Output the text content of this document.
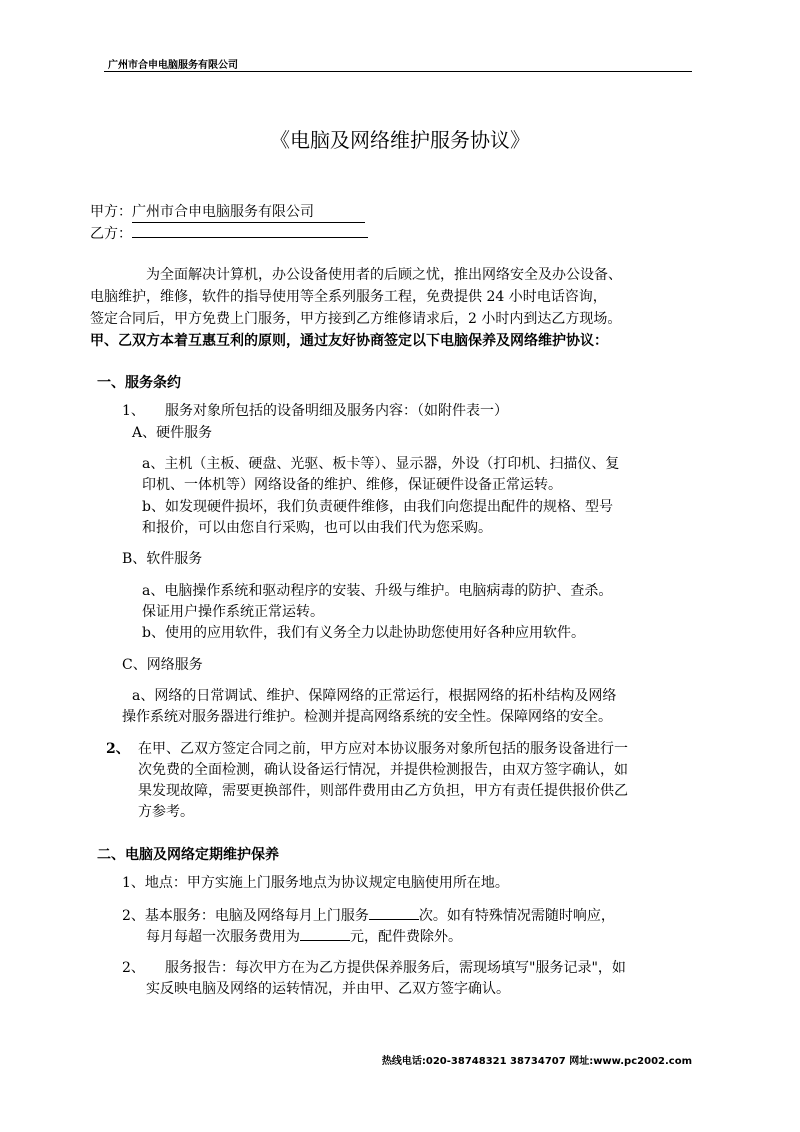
广州市合申电脑服务有限公司
《电脑及网络维护服务协议》
甲方：广州市合申电脑服务有限公司
乙方：
为全面解决计算机，办公设备使用者的后顾之忧，推出网络安全及办公设备、
电脑维护，维修，软件的指导使用等全系列服务工程，免费提供 24 小时电话咨询，
签定合同后，甲方免费上门服务，甲方接到乙方维修请求后，2 小时内到达乙方现场。
甲、乙双方本着互惠互利的原则，通过友好协商签定以下电脑保养及网络维护协议：
一、服务条约
1、 服务对象所包括的设备明细及服务内容：（如附件表一）
A、硬件服务
a、主机（主板、硬盘、光驱、板卡等）、显示器，外设（打印机、扫描仪、复
印机、一体机等）网络设备的维护、维修，保证硬件设备正常运转。
b、如发现硬件损坏，我们负责硬件维修，由我们向您提出配件的规格、型号
和报价，可以由您自行采购，也可以由我们代为您采购。
B、软件服务
a、电脑操作系统和驱动程序的安装、升级与维护。电脑病毒的防护、查杀。
保证用户操作系统正常运转。
b、使用的应用软件，我们有义务全力以赴协助您使用好各种应用软件。
C、网络服务
a、网络的日常调试、维护、保障网络的正常运行，根据网络的拓朴结构及网络
操作系统对服务器进行维护。检测并提高网络系统的安全性。保障网络的安全。
2、 在甲、乙双方签定合同之前，甲方应对本协议服务对象所包括的服务设备进行一
次免费的全面检测，确认设备运行情况，并提供检测报告，由双方签字确认，如
果发现故障，需要更换部件，则部件费用由乙方负担，甲方有责任提供报价供乙
方参考。
二、电脑及网络定期维护保养
1、地点：甲方实施上门服务地点为协议规定电脑使用所在地。
2、基本服务：电脑及网络每月上门服务	次。如有特殊情况需随时响应，
每月每超一次服务费用为	元，配件费除外。
2、 服务报告：每次甲方在为乙方提供保养服务后，需现场填写"服务记录"，如
实反映电脑及网络的运转情况，并由甲、乙双方签字确认。
热线电话:020-38748321 38734707 网址:www.pc2002.com
